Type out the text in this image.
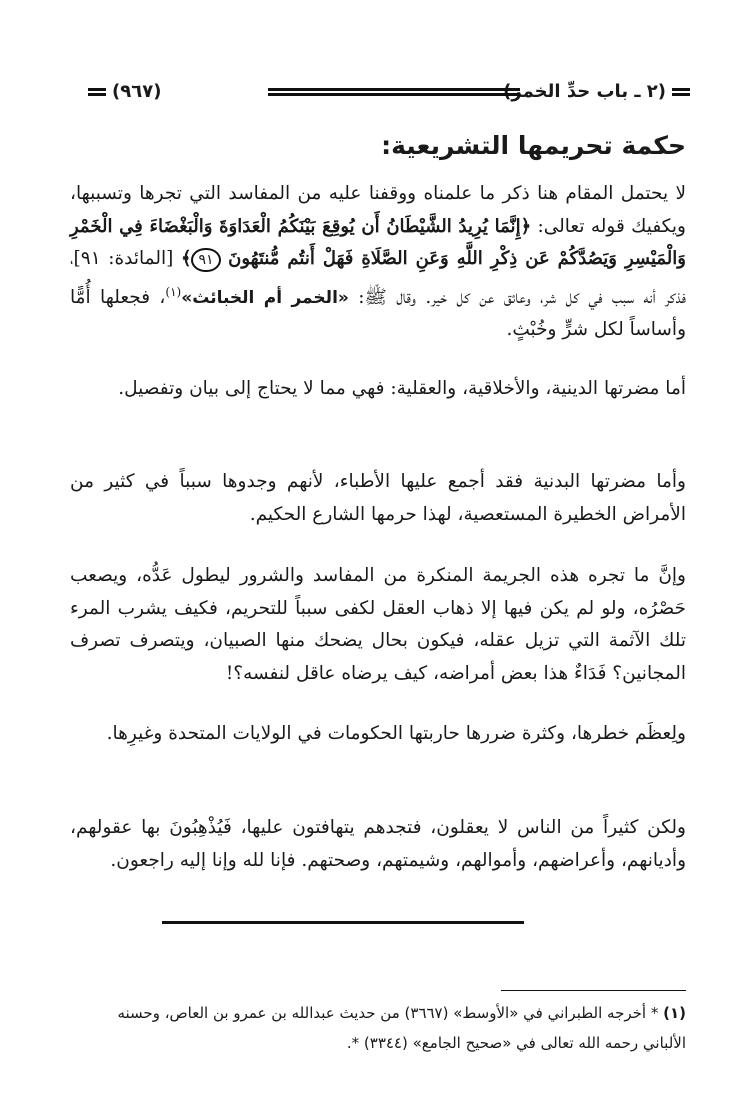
(٢ ـ باب حدِّ الخمر)
(٩٦٧)
حكمة تحريمها التشريعية:
لا يحتمل المقام هنا ذكر ما علمناه ووقفنا عليه من المفاسد التي تجرها وتسببها، ويكفيك قوله تعالى: ﴿إِنَّمَا يُرِيدُ الشَّيْطَانُ أَن يُوقِعَ بَيْنَكُمُ الْعَدَاوَةَ وَالْبَغْضَاءَ فِي الْخَمْرِ وَالْمَيْسِرِ وَيَصُدَّكُمْ عَن ذِكْرِ اللَّهِ وَعَنِ الصَّلَاةِ فَهَلْ أَنتُم مُّنتَهُونَ ٩١﴾ [المائدة: ٩١]، فذكر أنه سبب في كل شر، وعائق عن كل خير. وقال ﷺ: «الخمر أم الخبائث»$^{(١)}$، فجعلها أُمًّا وأساساً لكل شرٍّ وخُبْثٍ.
أما مضرتها الدينية، والأخلاقية، والعقلية: فهي مما لا يحتاج إلى بيان وتفصيل.
وأما مضرتها البدنية فقد أجمع عليها الأطباء، لأنهم وجدوها سبباً في كثير من الأمراض الخطيرة المستعصية، لهذا حرمها الشارع الحكيم.
وإنَّ ما تجره هذه الجريمة المنكرة من المفاسد والشرور ليطول عَدُّه، ويصعب حَصْرُه، ولو لم يكن فيها إلا ذهاب العقل لكفى سبباً للتحريم، فكيف يشرب المرء تلك الآثمة التي تزيل عقله، فيكون بحال يضحك منها الصبيان، ويتصرف تصرف المجانين؟ فَدَاءٌ هذا بعض أمراضه، كيف يرضاه عاقل لنفسه؟!
ولِعظَم خطرها، وكثرة ضررها حاربتها الحكومات في الولايات المتحدة وغيرِها.
ولكن كثيراً من الناس لا يعقلون، فتجدهم يتهافتون عليها، فَيُذْهِبُونَ بها عقولهم، وأديانهم، وأعراضهم، وأموالهم، وشيمتهم، وصحتهم. فإنا لله وإنا إليه راجعون.
(١) * أخرجه الطبراني في «الأوسط» (٣٦٦٧) من حديث عبدالله بن عمرو بن العاص، وحسنه الألباني رحمه الله تعالى في «صحيح الجامع» (٣٣٤٤) *.
